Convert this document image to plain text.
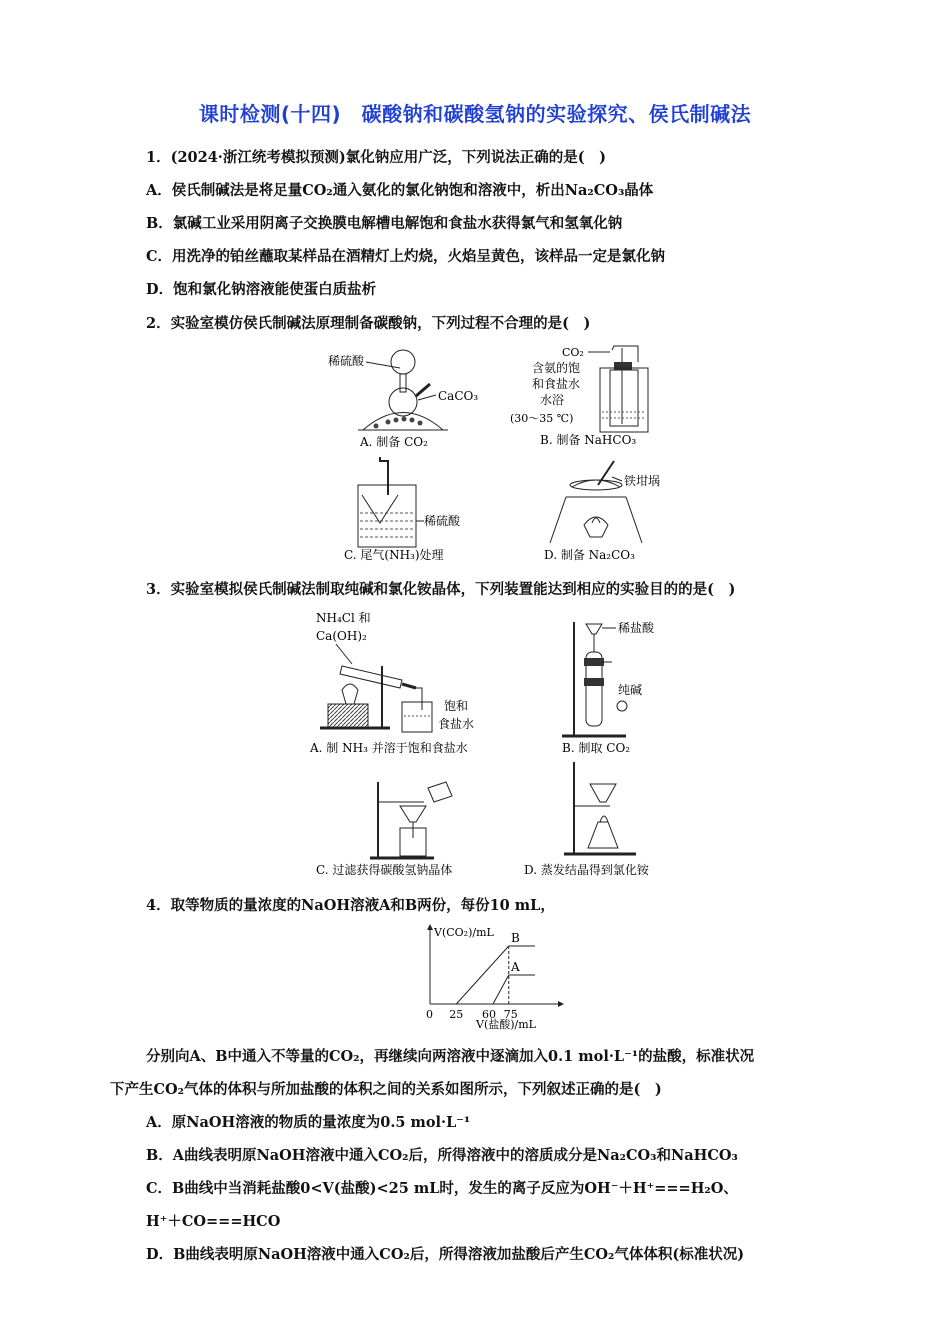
课时检测(十四)　碳酸钠和碳酸氢钠的实验探究、侯氏制碱法
1．(2024·浙江统考模拟预测)氯化钠应用广泛，下列说法正确的是(　)
A．侯氏制碱法是将足量CO₂通入氨化的氯化钠饱和溶液中，析出Na₂CO₃晶体
B．氯碱工业采用阴离子交换膜电解槽电解饱和食盐水获得氯气和氢氧化钠
C．用洗净的铂丝蘸取某样品在酒精灯上灼烧，火焰呈黄色，该样品一定是氯化钠
D．饱和氯化钠溶液能使蛋白质盐析
2．实验室模仿侯氏制碱法原理制备碳酸钠，下列过程不合理的是(　)
稀硫酸
CaCO₃
A. 制备 CO₂
CO₂
含氨的饱
和食盐水
水浴
(30～35 ℃)
B. 制备 NaHCO₃
稀硫酸
C. 尾气(NH₃)处理
铁坩埚
D. 制备 Na₂CO₃
3．实验室模拟侯氏制碱法制取纯碱和氯化铵晶体，下列装置能达到相应的实验目的的是(　)
NH₄Cl 和
Ca(OH)₂
饱和
食盐水
A. 制 NH₃ 并溶于饱和食盐水
稀盐酸
纯碱
B. 制取 CO₂
C. 过滤获得碳酸氢钠晶体	D. 蒸发结晶得到氯化铵
4．取等物质的量浓度的NaOH溶液A和B两份，每份10 mL，
V(CO₂)/mL
V(盐酸)/mL
0 25 60 75
B
A
分别向A、B中通入不等量的CO₂，再继续向两溶液中逐滴加入0.1 mol·L⁻¹的盐酸，标准状况
下产生CO₂气体的体积与所加盐酸的体积之间的关系如图所示，下列叙述正确的是(　)
A．原NaOH溶液的物质的量浓度为0.5 mol·L⁻¹
B．A曲线表明原NaOH溶液中通入CO₂后，所得溶液中的溶质成分是Na₂CO₃和NaHCO₃
C．B曲线中当消耗盐酸0<V(盐酸)<25 mL时，发生的离子反应为OH⁻＋H⁺===H₂O、
H⁺＋CO===HCO
D．B曲线表明原NaOH溶液中通入CO₂后，所得溶液加盐酸后产生CO₂气体体积(标准状况)
